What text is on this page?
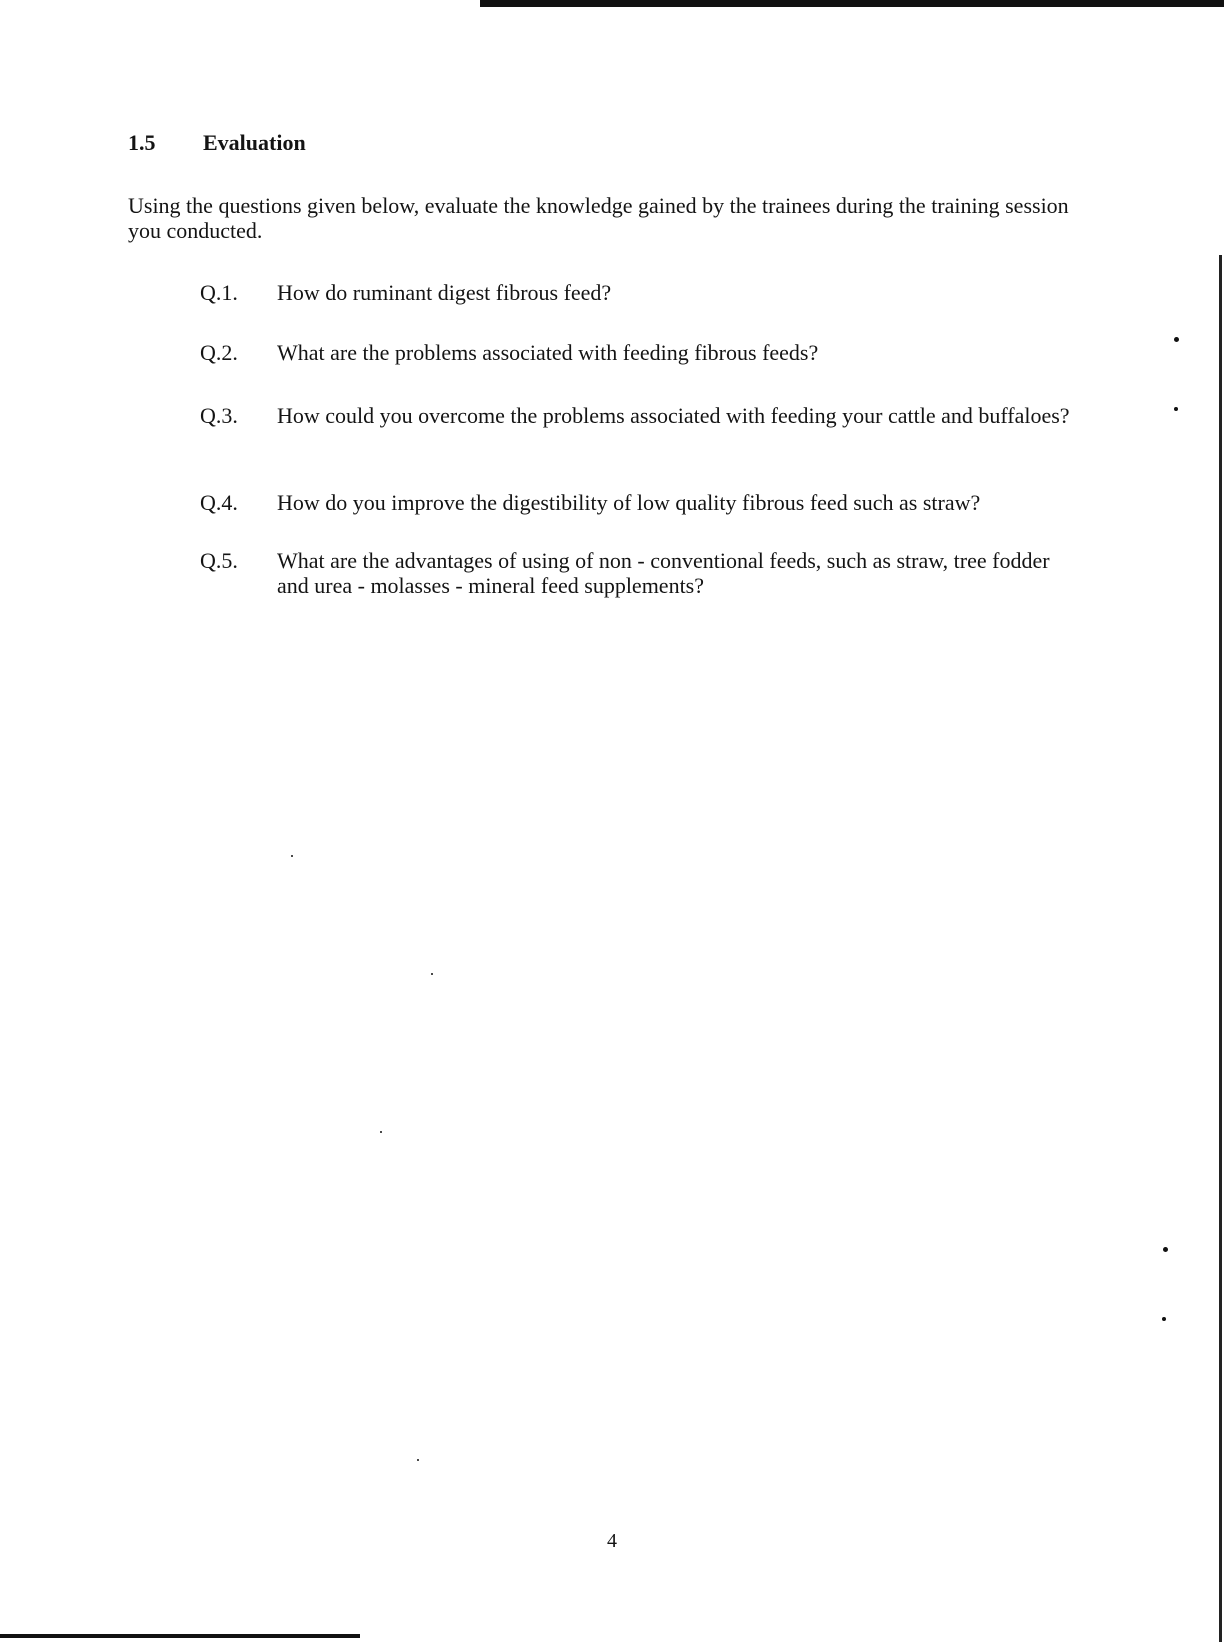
1.5 Evaluation
Using the questions given below, evaluate the knowledge gained by the trainees during the training session you conducted.
Q.1.	How do ruminant digest fibrous feed?
Q.2.	What are the problems associated with feeding fibrous feeds?
Q.3.	How could you overcome the problems associated with feeding your cattle and buffaloes?
Q.4.	How do you improve the digestibility of low quality fibrous feed such as straw?
Q.5.	What are the advantages of using of non - conventional feeds, such as straw, tree fodder and urea - molasses - mineral feed supplements?
4
